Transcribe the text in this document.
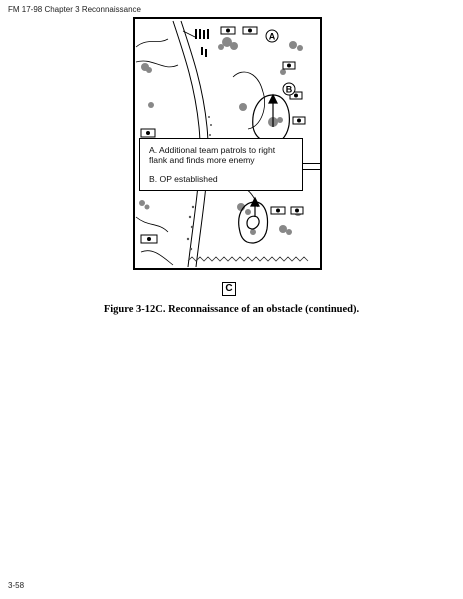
FM 17-98 Chapter 3 Reconnaissance
A
B
A. Additional team patrols to right flank and finds more enemy
B. OP established
C
Figure 3-12C. Reconnaissance of an obstacle (continued).
3-58
